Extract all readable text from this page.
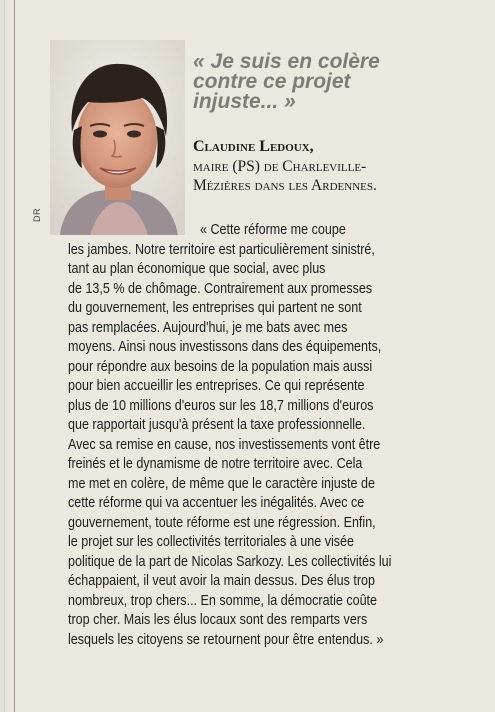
DR
« Je suis en colère
contre ce projet
injuste... »
Claudine Ledoux,
maire (PS) de Charleville-
Mézières dans les Ardennes.
« Cette réforme me coupe
les jambes. Notre territoire est particulièrement sinistré,
tant au plan économique que social, avec plus
de 13,5 % de chômage. Contrairement aux promesses
du gouvernement, les entreprises qui partent ne sont
pas remplacées. Aujourd'hui, je me bats avec mes
moyens. Ainsi nous investissons dans des équipements,
pour répondre aux besoins de la population mais aussi
pour bien accueillir les entreprises. Ce qui représente
plus de 10 millions d'euros sur les 18,7 millions d'euros
que rapportait jusqu'à présent la taxe professionnelle.
Avec sa remise en cause, nos investissements vont être
freinés et le dynamisme de notre territoire avec. Cela
me met en colère, de même que le caractère injuste de
cette réforme qui va accentuer les inégalités. Avec ce
gouvernement, toute réforme est une régression. Enfin,
le projet sur les collectivités territoriales à une visée
politique de la part de Nicolas Sarkozy. Les collectivités lui
échappaient, il veut avoir la main dessus. Des élus trop
nombreux, trop chers... En somme, la démocratie coûte
trop cher. Mais les élus locaux sont des remparts vers
lesquels les citoyens se retournent pour être entendus. »
